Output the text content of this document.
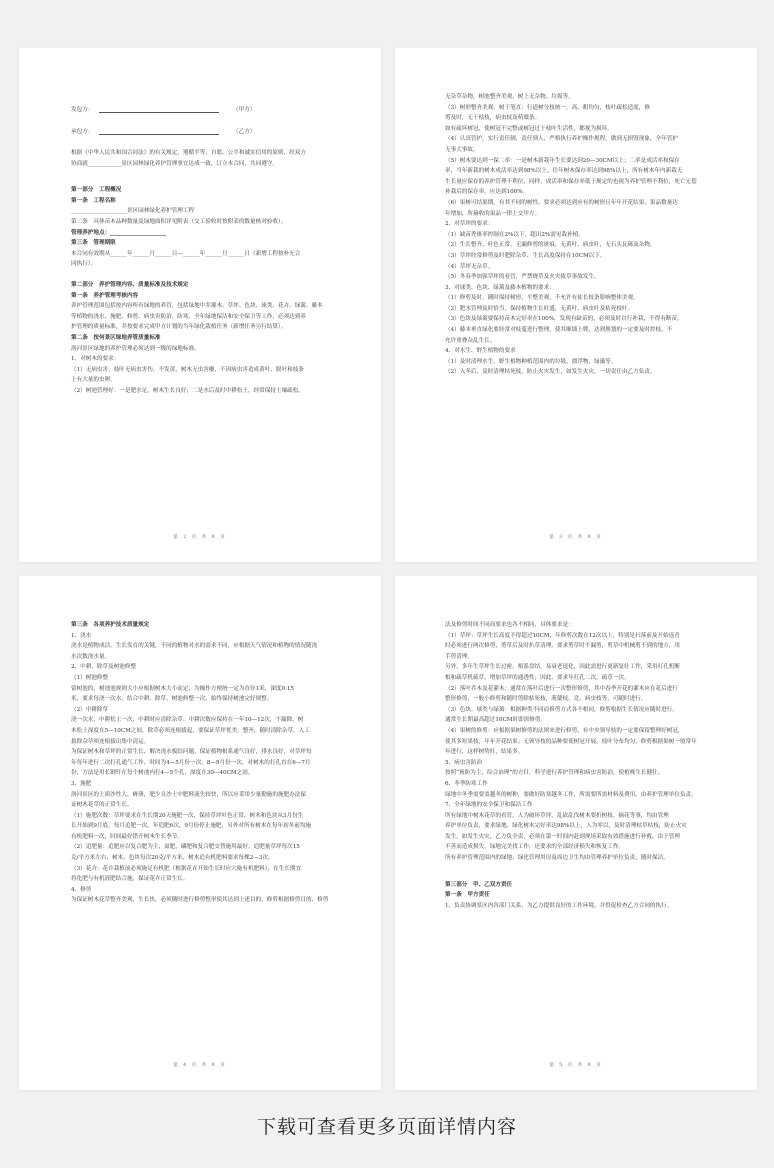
发包方：	（甲方）
承包方：	（乙方）
根据《中华人民共和国合同法》的有关规定，遵循平等、自愿、公平和诚实信用的原则，经双方
协商就____________景区园林绿化养护管理事宜达成一致，订立本合同，共同遵守。
第一部分　工程概况
第一条　工程名称
____________________景区园林绿化养护管理工程
第二条　具体苗木品种数量及绿地面积详见附表（交工验收时按附表的数量核对验收）。
管理养护地点：____________________
第三条　管理期限
本合同有效期从______年______月______日—______年______月______日（新增工程按补充合
同执行）。
第二部分　养护管理内容、质量标准及技术规定
第一条　养护管理考核内容
养护管理范围包括按内容所有绿地的养管，包括绿地中乔灌木、草坪、色块、球类、花卉、绿篱、藤本
等植物的浇水、施肥、修剪、病虫害防治、防寒、全年绿地保洁和安全保卫等工作，必须达到养
护管理的质量标准，并按要求完成甲方计划的当年绿化栽植任务（新增任务另行结算）。
第二条　按何景区绿地养管质量标准
洛河景区绿地的养护管理必须达到一级的绿地标准。
1、对树木的要求：
（1）无病虫害，枝叶无病虫害伤、不发黄，树木无虫害瘿，不因病虫害造成黄叶、脱叶和枝条
上有大量的虫卵。
（2）树池管理好：一是肥水足，树木生长良好；二是水后及时中耕松土，经常保持土壤疏松。
第 2 页 共 8 页
无杂草杂物，树池整齐美观，树上无杂物、垃圾等。
（3）树形整齐美观，树干笔直：行道树分枝统一，高、粗均匀，枝叶疏松适度，修
剪及时，无干枯枝，病虫枝及萌蘖条。
如有疏坏树冠，使树冠不完整或树冠过于枝叶生活性，都视为损坏。
（4）认真管护，实行责任制，责任到人，严格执行养护操作规程，做到无损毁现象，全年管护
无事大事故。
（5）树木要达到一保二率：一是树木新栽年生长要达到20—30CM以上；二率是成活率和保存
率，当年新栽的树木成活率达到98%以上。往年树木保存率达到98%以上，所有树木年内新栽无
生长量应保存的养护管理不利位、同样，成活率和保存率低于规定的也视为养护管理不利位，死亡无偿
补栽后的保存率，应达到100%。
（6）果树可结果期，有其不同的树性，要求必须达到应有的树形且年年开花结果，果品数量达
年增加，所摘收的果品一律上交甲方。
2、对草坪的要求：
（1）缺苗秃斑率控制在2%以下，超出2%需见栽补植。
（2）生长整齐，叶色正常，无漏修剪的斑痕，无黄叶、病虫叶，无石头瓦砾及杂物。
（3）草坪经常修剪及时肥除杂草，生长高度保持在10CM以下。
（4）草坪无杂草。
（5）冬春季加强草坪的看管，严禁烧草及火灾致草事故发生。
3、对球类、色块、绿篱及藤本植物的要求：
（1）修剪及时，随时保持树形，平整美观，不允许有徒长枝条影响整体美观。
（2）肥水管理及时恰当，保持植物生长旺盛，无黄叶、病虫叶及枯死枝叶。
（3）色块及绿篱要保持苗木完好率在100%，发现有缺苗的，必须及时自行补栽，不得有断苗。
（4）藤本垂直绿化要经常对枝蔓进行整理，使其顺墙上爬，达到规划的一定要及时控枝，不
允许重叠杂乱生长。
4、对水生、野生植物的要求
（1）及时清理水生、野生植物种植范围内的垃圾、漂浮物，绿藻等。
（2）入冬后，及时清理枯死枝，防止火灾发生，如发生火灾，一切责任由乙方负责。
第 3 页 共 8 页
第三条　各项养护技术质量规定
1、浇水
浇水是植物成活、生长发育的关键，不同的植物对水的需求不同，应根据天气情况和植物的情况随浇
水次数浇水量。
2、中耕、除草及树池修整
（1）树池修整
留树池的，树池池规则大小应根据树木大小而定，为操作方便统一定为直径1米，深度0.15
米，要求每浇一次水，结合中耕、除草，树池修整一次，始终保持树池完好规整。
（2）中耕除草
浇一次水，中耕松土一次，中耕时应清除杂草。中耕次数应保持在一年10—12次，不漏除，树
木松土深度在5—10CM之间，除草必须连根拔起，要保证草坪优美，整齐，随时清除杂草，人工
拔除杂草须连根拔出集中清运。
为保证树木和草坪的正常生长，解决浇水板结问题，保证植物根系通气良好，排水良好，对草坪每
年每年进行二次打孔通气工作，时间为4—5月份一次，8—9月份一次。对树木的打孔直在6—7月
份，方法是用长钢钎在每个树池内打4—5个孔，深度在30—40CM之间。
3、施肥
洛河景区的土质沙性大，瘠薄，肥少且沙土中肥料流失较快，所以应采用少量勤施的施肥办法保
证树木花草的正常生长。
（1）施肥次数：草坪要求在生长期20天施肥一次，保持草坪叶色正常，树木和色块从3月份生
长开始到9月底，每月追肥一次，年追肥6次，9月份停止施肥，另外对所有树木在每年初冬前均施
有机肥料一次，时间最好错开树木生长季节。
（2）追肥量：追肥应以复合肥为主，氮肥，磷肥和复合肥交替施用最好。追肥量草坪每次15
克/平方米左右，树木、色块每次20克/平方米，树木追有机肥料要求每棵2—3次。
（3）花卉：花卉栽植前必须施足有机肥（根据花卉开始生长时应穴施有机肥料），在生长期宜
将化肥与有机液肥结合施，保证花卉正常生长。
4、修剪
为保证树木花草整齐美观，生长快，必须随时进行修剪整形使其达到上述目的，修剪根据修剪目的、修剪
第 4 页 共 8 页
法及修剪时间不同而要求也各不相同，具体要求是：
（1）草坪：草坪生长高度不得超过10CM，年修剪次数在12次以上，特别是扫落前及开始返青
时必须进行两次修剪，剪草后及时扒草清理，要求剪草时不漏剪，剪草中机械剪不到的地方，用
手剪清理。
另外，多年生草坪生长过密，根系盘结，易衰老退化，因此需进行更新复壮工作，采用打孔机断
根和疏草机疏草，增加草坪的通透性；因此，要求年打孔二次，疏草一次。
（2）落叶乔木及花灌木：通常在落叶后进行一次整形修剪，其中春季开花的灌木应在花后进行
整形修剪，一般小修剪和随时剪除枯死枝，萌蘖枝，竞、病虫枝等，可随时进行。
（3）色块、球类与绿篱：根据种类不同而修剪方式各不相同，修剪根据生长情况应随时进行，
通常生长期最高超过10CM时即需修剪。
（4）果树的修剪：应根据果树修剪的法则来进行修剪，有中央领导枝的一定要保留整理好树冠，
使其多短果枝，年年开花结果；无领导枝的品种要使树冠开展，枝叶分布均匀，修剪根据果树一般常年
年进行，这样树势旺，结果多。
5、病虫害防治
按照“预防为主，综合治理”的方针，科学进行养护管理和病虫害防治，使植株生长健壮。
6、冬季防寒工作
绿地中冬季需要盖越冬的树种，要做好防寒越冬工作，所需要所需材料及费用，由养护管理单位负责。
7、全年绿地的安全保卫和保洁工作
所有绿地中树木花草的看管，人为破坏草坪，乱砍乱伐树木要折树枝、摘花等事，均由管理
养护单位负责，要求绿地、绿化树木完好率达98%以上，人为零以，及时清理枯草枯枝，防止火灾
发生，如发生火灾，乙方负全责，必须在第一时间内赶到现场采取有效措施进行补救，由于管理
不善而造成损失，绿地完美找工作，还要求的全部经济损失和恢复工作。
所有养护管理范围内的绿地、绿化管理用房及周边卫生均由管理养护单位负责，随时保洁。
第三部分　甲、乙双方责任
第一条　甲方责任
1、负责协调景区内各部门关系，为乙方提供良好的工作环境，并督促检查乙方合同的执行。
第 5 页 共 8 页
下载可查看更多页面详情内容
